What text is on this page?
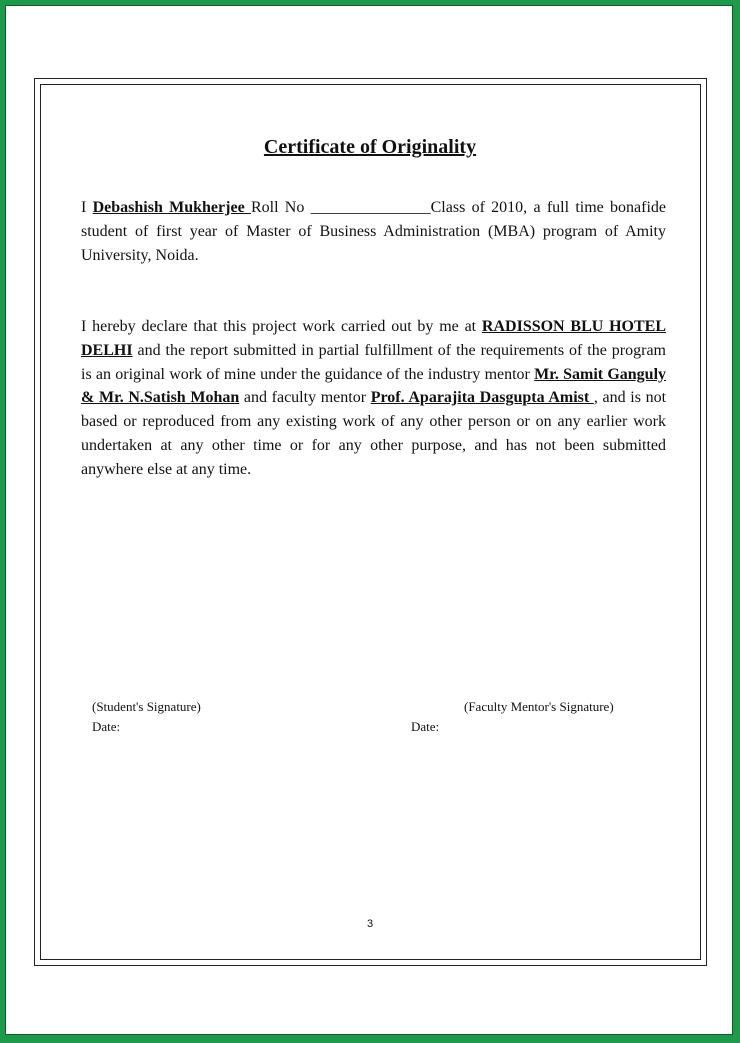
Certificate of Originality
I Debashish Mukherjee Roll No _______________Class of 2010, a full time bonafide student of first year of Master of Business Administration (MBA) program of Amity University, Noida.
I hereby declare that this project work carried out by me at RADISSON BLU HOTEL DELHI and the report submitted in partial fulfillment of the requirements of the program is an original work of mine under the guidance of the industry mentor Mr. Samit Ganguly & Mr. N.Satish Mohan and faculty mentor Prof. Aparajita Dasgupta Amist , and is not based or reproduced from any existing work of any other person or on any earlier work undertaken at any other time or for any other purpose, and has not been submitted anywhere else at any time.
(Student's Signature)
Date:
(Faculty Mentor's Signature)
Date:
3
